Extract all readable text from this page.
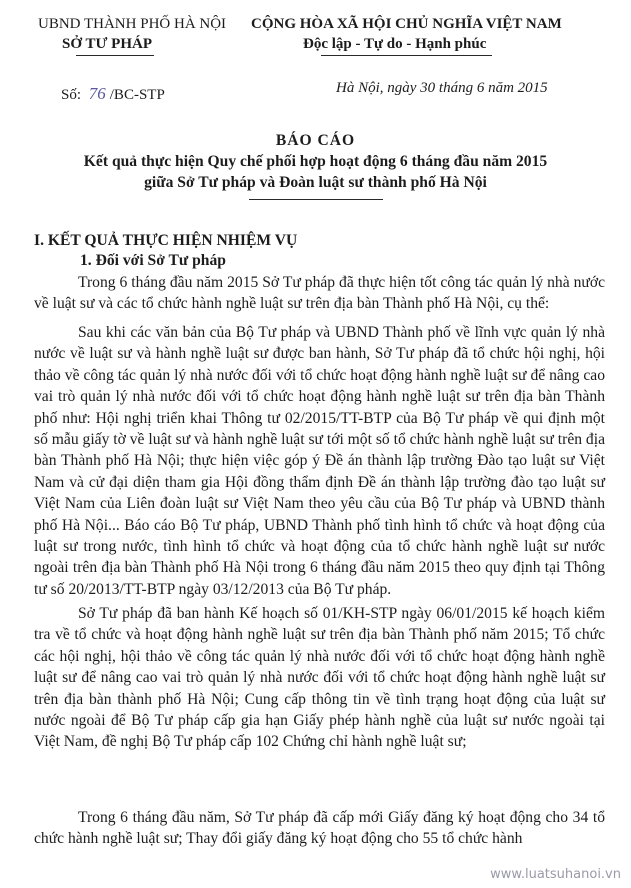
UBND THÀNH PHỐ HÀ NỘI
SỞ TƯ PHÁP
CỘNG HÒA XÃ HỘI CHỦ NGHĨA VIỆT NAM
Độc lập - Tự do - Hạnh phúc
Số: 76 /BC-STP	Hà Nội, ngày 30 tháng 6 năm 2015
BÁO CÁO
Kết quả thực hiện Quy chế phối hợp hoạt động 6 tháng đầu năm 2015
giữa Sở Tư pháp và Đoàn luật sư thành phố Hà Nội
I. KẾT QUẢ THỰC HIỆN NHIỆM VỤ
1. Đối với Sở Tư pháp
Trong 6 tháng đầu năm 2015 Sở Tư pháp đã thực hiện tốt công tác quản lý nhà nước về luật sư và các tổ chức hành nghề luật sư trên địa bàn Thành phố Hà Nội, cụ thể:
Sau khi các văn bản của Bộ Tư pháp và UBND Thành phố về lĩnh vực quản lý nhà nước về luật sư và hành nghề luật sư được ban hành, Sở Tư pháp đã tổ chức hội nghị, hội thảo về công tác quản lý nhà nước đối với tổ chức hoạt động hành nghề luật sư để nâng cao vai trò quản lý nhà nước đối với tổ chức hoạt động hành nghề luật sư trên địa bàn Thành phố như: Hội nghị triển khai Thông tư 02/2015/TT-BTP của Bộ Tư pháp về qui định một số mẫu giấy tờ về luật sư và hành nghề luật sư tới một số tổ chức hành nghề luật sư trên địa bàn Thành phố Hà Nội; thực hiện việc góp ý Đề án thành lập trường Đào tạo luật sư Việt Nam và cử đại diện tham gia Hội đồng thẩm định Đề án thành lập trường đào tạo luật sư Việt Nam của Liên đoàn luật sư Việt Nam theo yêu cầu của Bộ Tư pháp và UBND thành phố Hà Nội... Báo cáo Bộ Tư pháp, UBND Thành phố tình hình tổ chức và hoạt động của luật sư trong nước, tình hình tổ chức và hoạt động của tổ chức hành nghề luật sư nước ngoài trên địa bàn Thành phố Hà Nội trong 6 tháng đầu năm 2015 theo quy định tại Thông tư số 20/2013/TT-BTP ngày 03/12/2013 của Bộ Tư pháp.
Sở Tư pháp đã ban hành Kế hoạch số 01/KH-STP ngày 06/01/2015 kế hoạch kiểm tra về tổ chức và hoạt động hành nghề luật sư trên địa bàn Thành phố năm 2015; Tổ chức các hội nghị, hội thảo về công tác quản lý nhà nước đối với tổ chức hoạt động hành nghề luật sư để nâng cao vai trò quản lý nhà nước đối với tổ chức hoạt động hành nghề luật sư trên địa bàn thành phố Hà Nội; Cung cấp thông tin về tình trạng hoạt động của luật sư nước ngoài để Bộ Tư pháp cấp gia hạn Giấy phép hành nghề của luật sư nước ngoài tại Việt Nam, đề nghị Bộ Tư pháp cấp 102 Chứng chỉ hành nghề luật sư;
Trong 6 tháng đầu năm, Sở Tư pháp đã cấp mới Giấy đăng ký hoạt động cho 34 tổ chức hành nghề luật sư; Thay đổi giấy đăng ký hoạt động cho 55 tổ chức hành
www.luatsuhanoi.vn
